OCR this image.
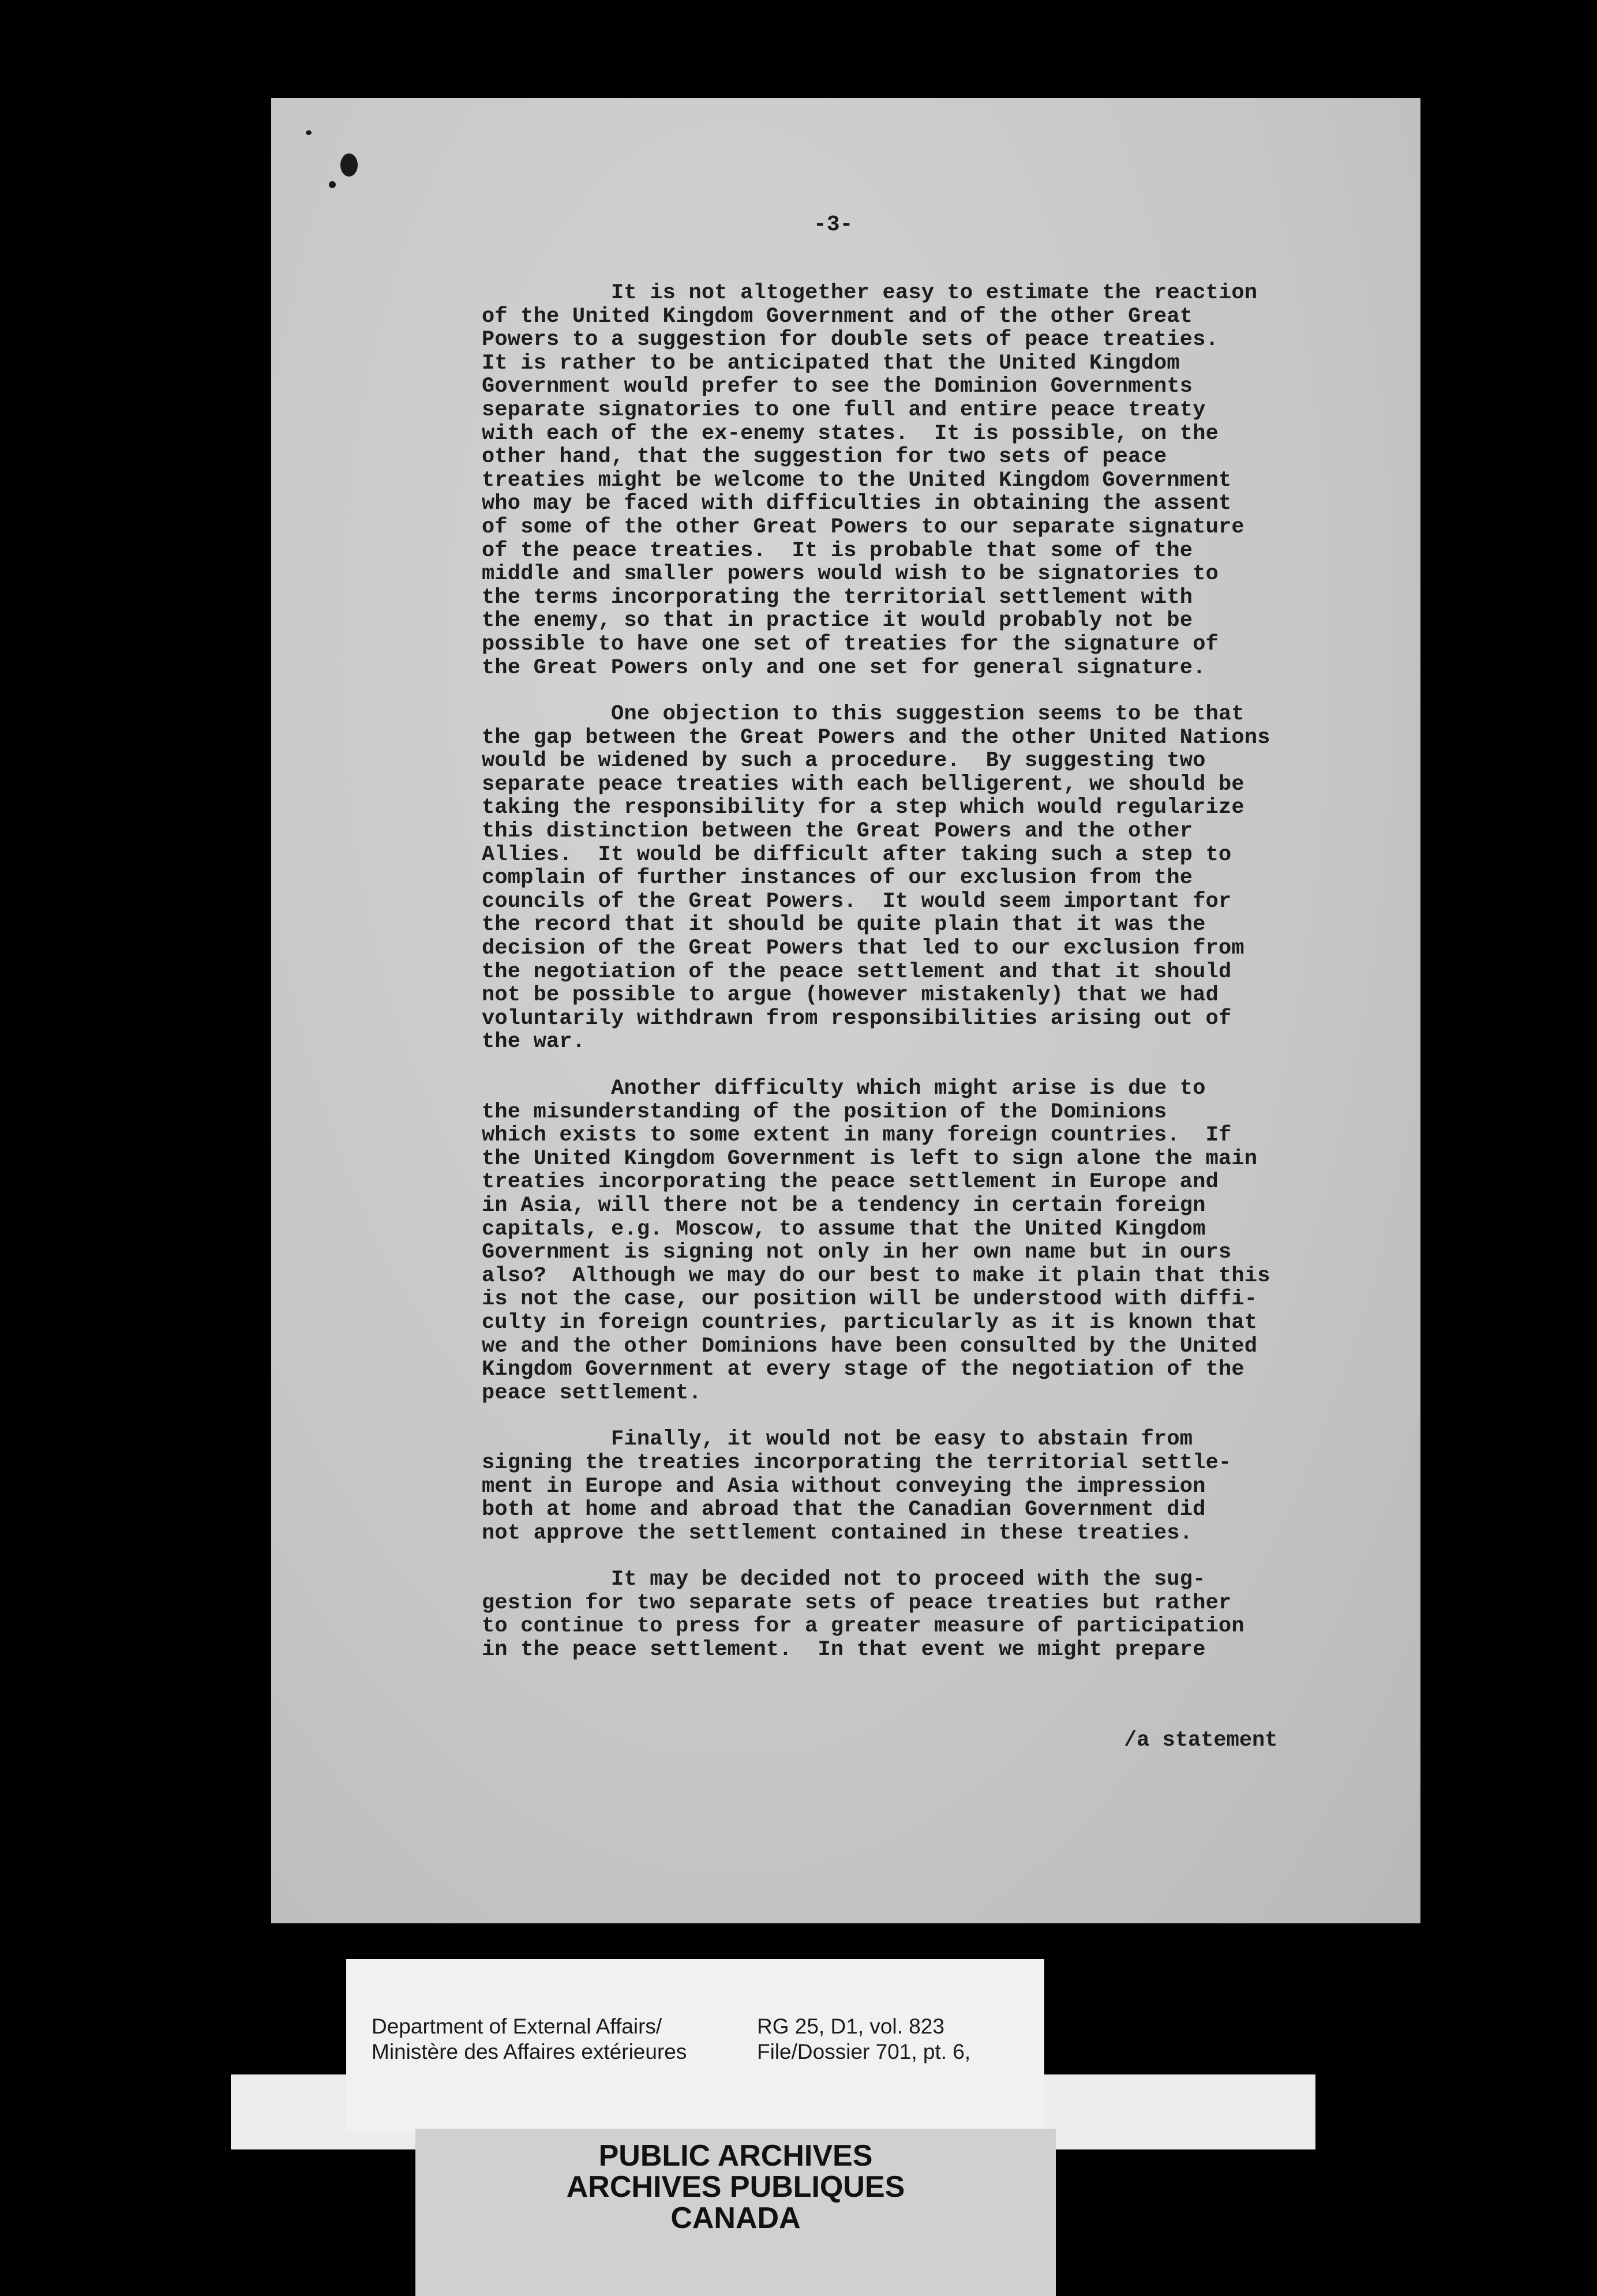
-3-

It is not altogether easy to estimate the reaction
of the United Kingdom Government and of the other Great
Powers to a suggestion for double sets of peace treaties.
It is rather to be anticipated that the United Kingdom
Government would prefer to see the Dominion Governments
separate signatories to one full and entire peace treaty
with each of the ex-enemy states.  It is possible, on the
other hand, that the suggestion for two sets of peace
treaties might be welcome to the United Kingdom Government
who may be faced with difficulties in obtaining the assent
of some of the other Great Powers to our separate signature
of the peace treaties.  It is probable that some of the
middle and smaller powers would wish to be signatories to
the terms incorporating the territorial settlement with
the enemy, so that in practice it would probably not be
possible to have one set of treaties for the signature of
the Great Powers only and one set for general signature.

One objection to this suggestion seems to be that
the gap between the Great Powers and the other United Nations
would be widened by such a procedure.  By suggesting two
separate peace treaties with each belligerent, we should be
taking the responsibility for a step which would regularize
this distinction between the Great Powers and the other
Allies.  It would be difficult after taking such a step to
complain of further instances of our exclusion from the
councils of the Great Powers.  It would seem important for
the record that it should be quite plain that it was the
decision of the Great Powers that led to our exclusion from
the negotiation of the peace settlement and that it should
not be possible to argue (however mistakenly) that we had
voluntarily withdrawn from responsibilities arising out of
the war.

Another difficulty which might arise is due to
the misunderstanding of the position of the Dominions
which exists to some extent in many foreign countries.  If
the United Kingdom Government is left to sign alone the main
treaties incorporating the peace settlement in Europe and
in Asia, will there not be a tendency in certain foreign
capitals, e.g. Moscow, to assume that the United Kingdom
Government is signing not only in her own name but in ours
also?  Although we may do our best to make it plain that this
is not the case, our position will be understood with diffi-
culty in foreign countries, particularly as it is known that
we and the other Dominions have been consulted by the United
Kingdom Government at every stage of the negotiation of the
peace settlement.

Finally, it would not be easy to abstain from
signing the treaties incorporating the territorial settle-
ment in Europe and Asia without conveying the impression
both at home and abroad that the Canadian Government did
not approve the settlement contained in these treaties.

It may be decided not to proceed with the sug-
gestion for two separate sets of peace treaties but rather
to continue to press for a greater measure of participation
in the peace settlement.  In that event we might prepare

/a statement
Department of External Affairs/
Ministère des Affaires extérieures
RG 25, D1, vol. 823
File/Dossier 701, pt. 6,
PUBLIC ARCHIVES
ARCHIVES PUBLIQUES
CANADA
